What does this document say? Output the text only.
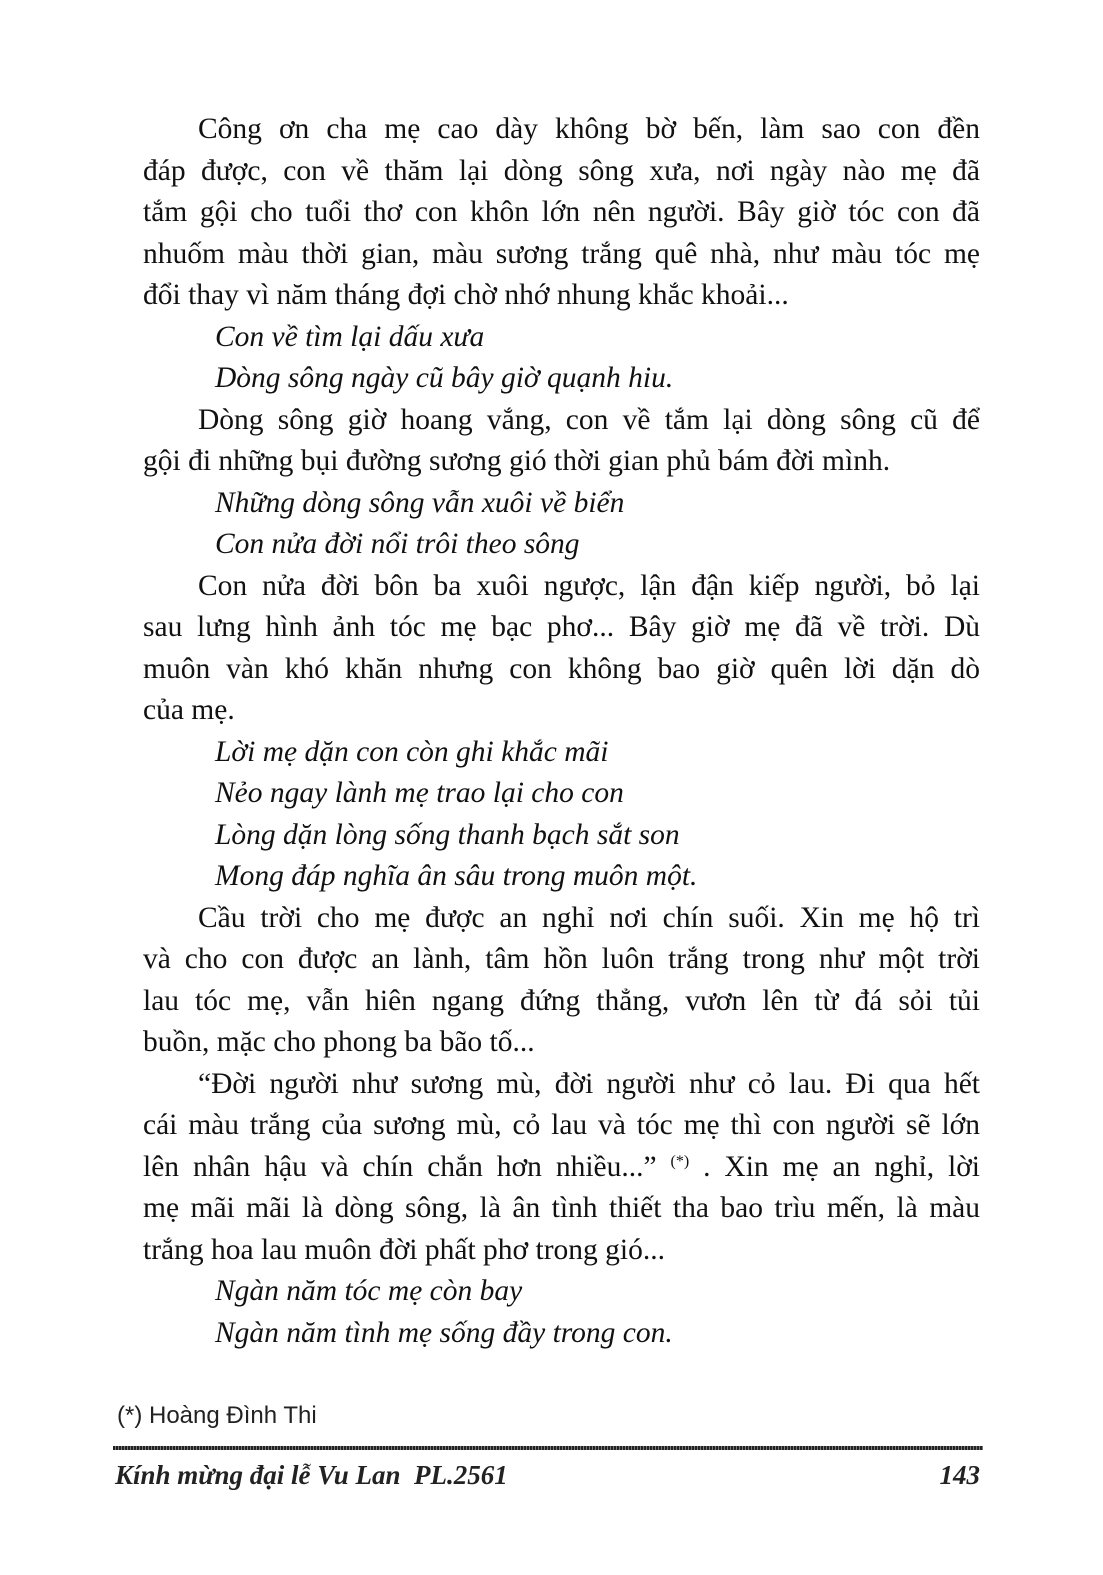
Công ơn cha mẹ cao dày không bờ bến, làm sao con đền
đáp được, con về thăm lại dòng sông xưa, nơi ngày nào mẹ đã
tắm gội cho tuổi thơ con khôn lớn nên người. Bây giờ tóc con đã
nhuốm màu thời gian, màu sương trắng quê nhà, như màu tóc mẹ
đổi thay vì năm tháng đợi chờ nhớ nhung khắc khoải...
Con về tìm lại dấu xưa
Dòng sông ngày cũ bây giờ quạnh hiu.
Dòng sông giờ hoang vắng, con về tắm lại dòng sông cũ để
gội đi những bụi đường sương gió thời gian phủ bám đời mình.
Những dòng sông vẫn xuôi về biển
Con nửa đời nổi trôi theo sông
Con nửa đời bôn ba xuôi ngược, lận đận kiếp người, bỏ lại
sau lưng hình ảnh tóc mẹ bạc phơ... Bây giờ mẹ đã về trời. Dù
muôn vàn khó khăn nhưng con không bao giờ quên lời dặn dò
của mẹ.
Lời mẹ dặn con còn ghi khắc mãi
Nẻo ngay lành mẹ trao lại cho con
Lòng dặn lòng sống thanh bạch sắt son
Mong đáp nghĩa ân sâu trong muôn một.
Cầu trời cho mẹ được an nghỉ nơi chín suối. Xin mẹ hộ trì
và cho con được an lành, tâm hồn luôn trắng trong như một trời
lau tóc mẹ, vẫn hiên ngang đứng thẳng, vươn lên từ đá sỏi tủi
buồn, mặc cho phong ba bão tố...
“Đời người như sương mù, đời người như cỏ lau. Đi qua hết
cái màu trắng của sương mù, cỏ lau và tóc mẹ thì con người sẽ lớn
lên nhân hậu và chín chắn hơn nhiều...” (*) . Xin mẹ an nghỉ, lời
mẹ mãi mãi là dòng sông, là ân tình thiết tha bao trìu mến, là màu
trắng hoa lau muôn đời phất phơ trong gió...
Ngàn năm tóc mẹ còn bay
Ngàn năm tình mẹ sống đầy trong con.
(*) Hoàng Đình Thi
Kính mừng đại lễ Vu Lan  PL.2561	143
